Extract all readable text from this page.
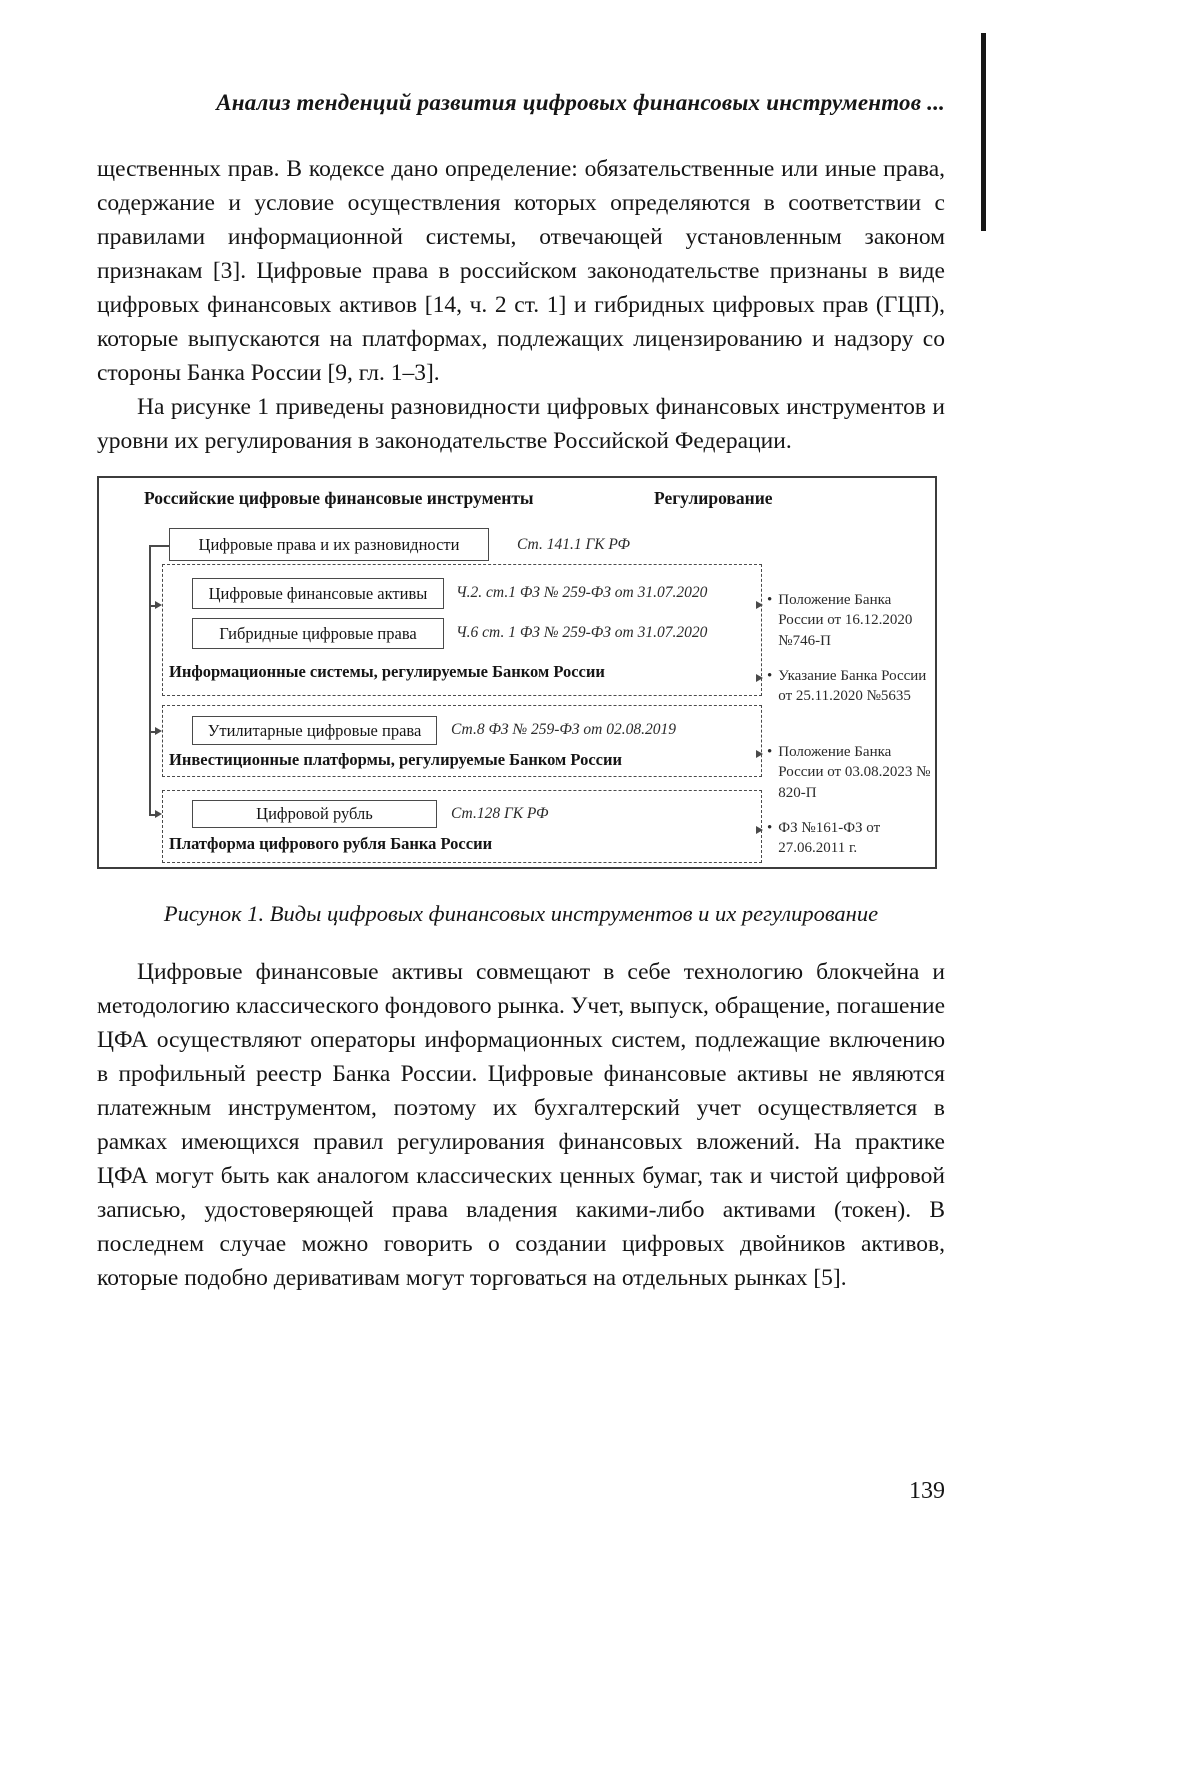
Анализ тенденций развития цифровых финансовых инструментов ...

щественных прав. В кодексе дано определение: обязательственные или иные права, содержание и условие осуществления которых определяются в соответствии с правилами информационной системы, отвечающей установленным законом признакам [3]. Цифровые права в российском законодательстве признаны в виде цифровых финансовых активов [14, ч. 2 ст. 1] и гибридных цифровых прав (ГЦП), которые выпускаются на платформах, подлежащих лицензированию и надзору со стороны Банка России [9, гл. 1–3].

На рисунке 1 приведены разновидности цифровых финансовых инструментов и уровни их регулирования в законодательстве Российской Федерации.

Российские цифровые финансовые инструменты	Регулирование
Цифровые права и их разновидности	Ст. 141.1 ГК РФ
Цифровые финансовые активы Ч.2. ст.1 ФЗ № 259-ФЗ от 31.07.2020
Гибридные цифровые права	Ч.6 ст. 1 ФЗ № 259-ФЗ от 31.07.2020
Информационные системы, регулируемые Банком России
Утилитарные цифровые права Ст.8 ФЗ № 259-ФЗ от 02.08.2019
Инвестиционные платформы, регулируемые Банком России
Цифровой рубль	Ст.128 ГК РФ
Платформа цифрового рубля Банка России
• Положение Банка России от 16.12.2020 №746-П
• Указание Банка России от 25.11.2020 №5635
• Положение Банка России от 03.08.2023 № 820-П
• ФЗ №161-ФЗ от 27.06.2011 г.

Рисунок 1. Виды цифровых финансовых инструментов и их регулирование

Цифровые финансовые активы совмещают в себе технологию блокчейна и методологию классического фондового рынка. Учет, выпуск, обращение, погашение ЦФА осуществляют операторы информационных систем, подлежащие включению в профильный реестр Банка России. Цифровые финансовые активы не являются платежным инструментом, поэтому их бухгалтерский учет осуществляется в рамках имеющихся правил регулирования финансовых вложений. На практике ЦФА могут быть как аналогом классических ценных бумаг, так и чистой цифровой записью, удостоверяющей права владения какими-либо активами (токен). В последнем случае можно говорить о создании цифровых двойников активов, которые подобно деривативам могут торговаться на отдельных рынках [5].

139
